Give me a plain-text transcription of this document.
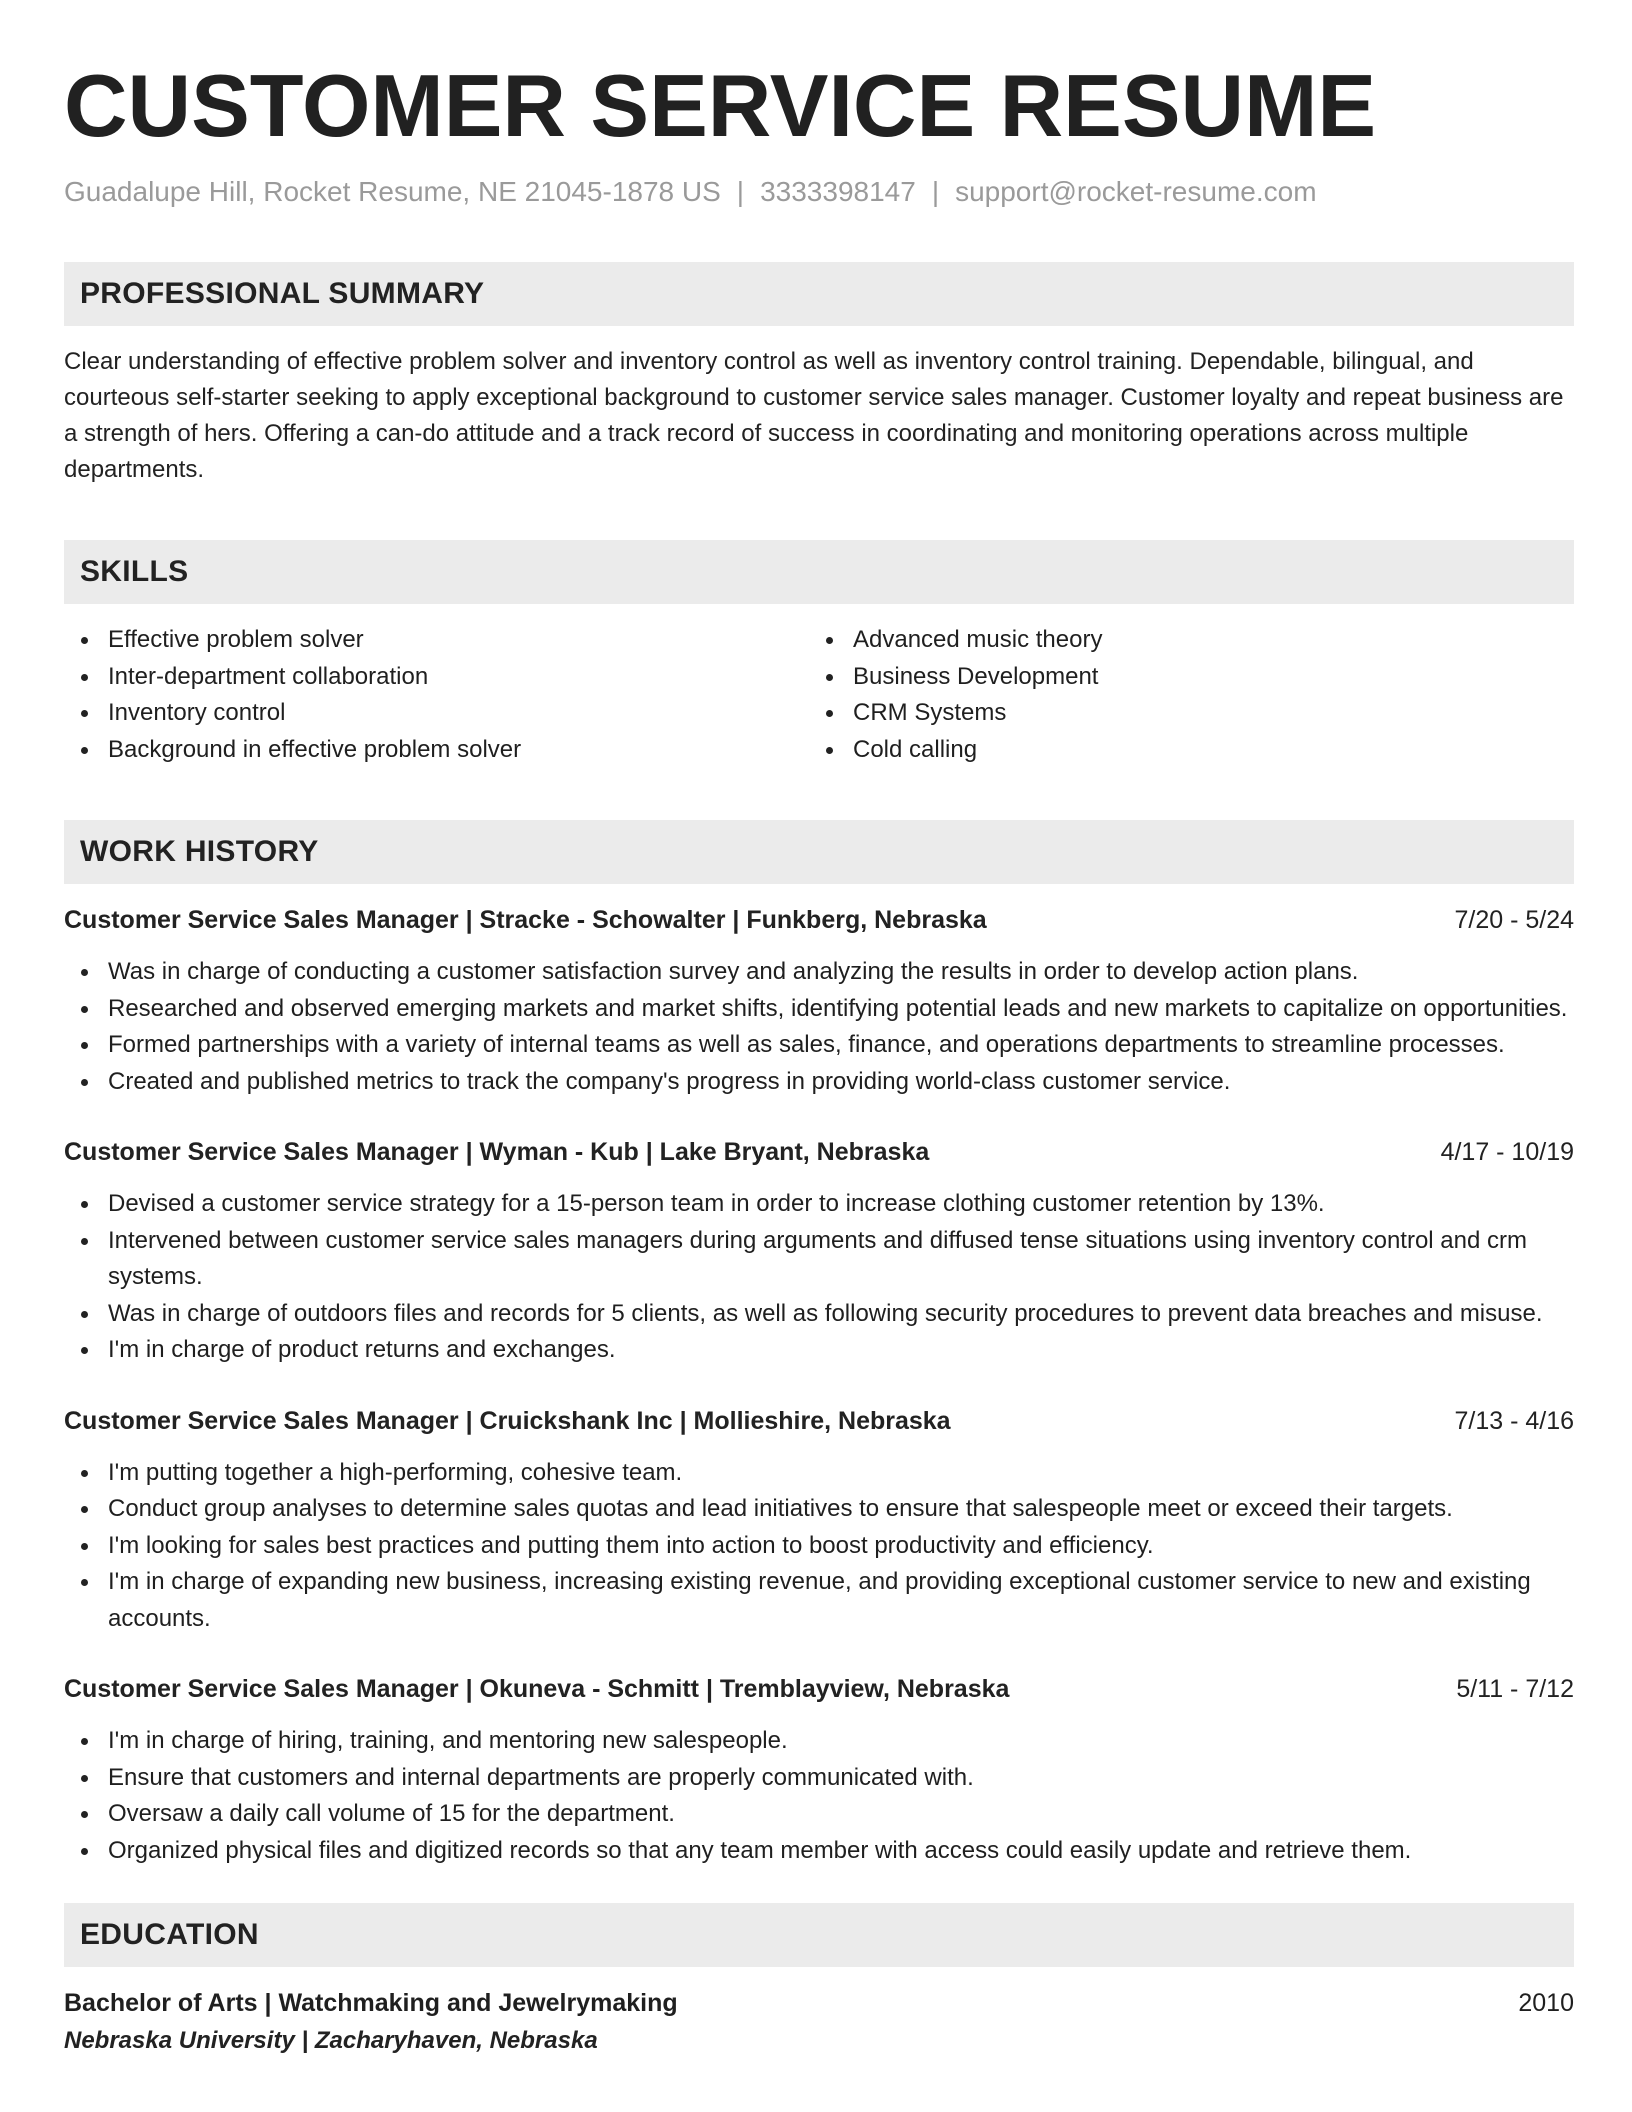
CUSTOMER SERVICE RESUME
Guadalupe Hill, Rocket Resume, NE 21045-1878 US | 3333398147 | support@rocket-resume.com
PROFESSIONAL SUMMARY
Clear understanding of effective problem solver and inventory control as well as inventory control training. Dependable, bilingual, and courteous self-starter seeking to apply exceptional background to customer service sales manager. Customer loyalty and repeat business are a strength of hers. Offering a can-do attitude and a track record of success in coordinating and monitoring operations across multiple departments.
SKILLS
Effective problem solver
Inter-department collaboration
Inventory control
Background in effective problem solver
Advanced music theory
Business Development
CRM Systems
Cold calling
WORK HISTORY
Customer Service Sales Manager | Stracke - Schowalter | Funkberg, Nebraska	7/20 - 5/24
Was in charge of conducting a customer satisfaction survey and analyzing the results in order to develop action plans.
Researched and observed emerging markets and market shifts, identifying potential leads and new markets to capitalize on opportunities.
Formed partnerships with a variety of internal teams as well as sales, finance, and operations departments to streamline processes.
Created and published metrics to track the company's progress in providing world-class customer service.
Customer Service Sales Manager | Wyman - Kub | Lake Bryant, Nebraska	4/17 - 10/19
Devised a customer service strategy for a 15-person team in order to increase clothing customer retention by 13%.
Intervened between customer service sales managers during arguments and diffused tense situations using inventory control and crm systems.
Was in charge of outdoors files and records for 5 clients, as well as following security procedures to prevent data breaches and misuse.
I'm in charge of product returns and exchanges.
Customer Service Sales Manager | Cruickshank Inc | Mollieshire, Nebraska	7/13 - 4/16
I'm putting together a high-performing, cohesive team.
Conduct group analyses to determine sales quotas and lead initiatives to ensure that salespeople meet or exceed their targets.
I'm looking for sales best practices and putting them into action to boost productivity and efficiency.
I'm in charge of expanding new business, increasing existing revenue, and providing exceptional customer service to new and existing accounts.
Customer Service Sales Manager | Okuneva - Schmitt | Tremblayview, Nebraska	5/11 - 7/12
I'm in charge of hiring, training, and mentoring new salespeople.
Ensure that customers and internal departments are properly communicated with.
Oversaw a daily call volume of 15 for the department.
Organized physical files and digitized records so that any team member with access could easily update and retrieve them.
EDUCATION
Bachelor of Arts | Watchmaking and Jewelrymaking	2010
Nebraska University | Zacharyhaven, Nebraska
